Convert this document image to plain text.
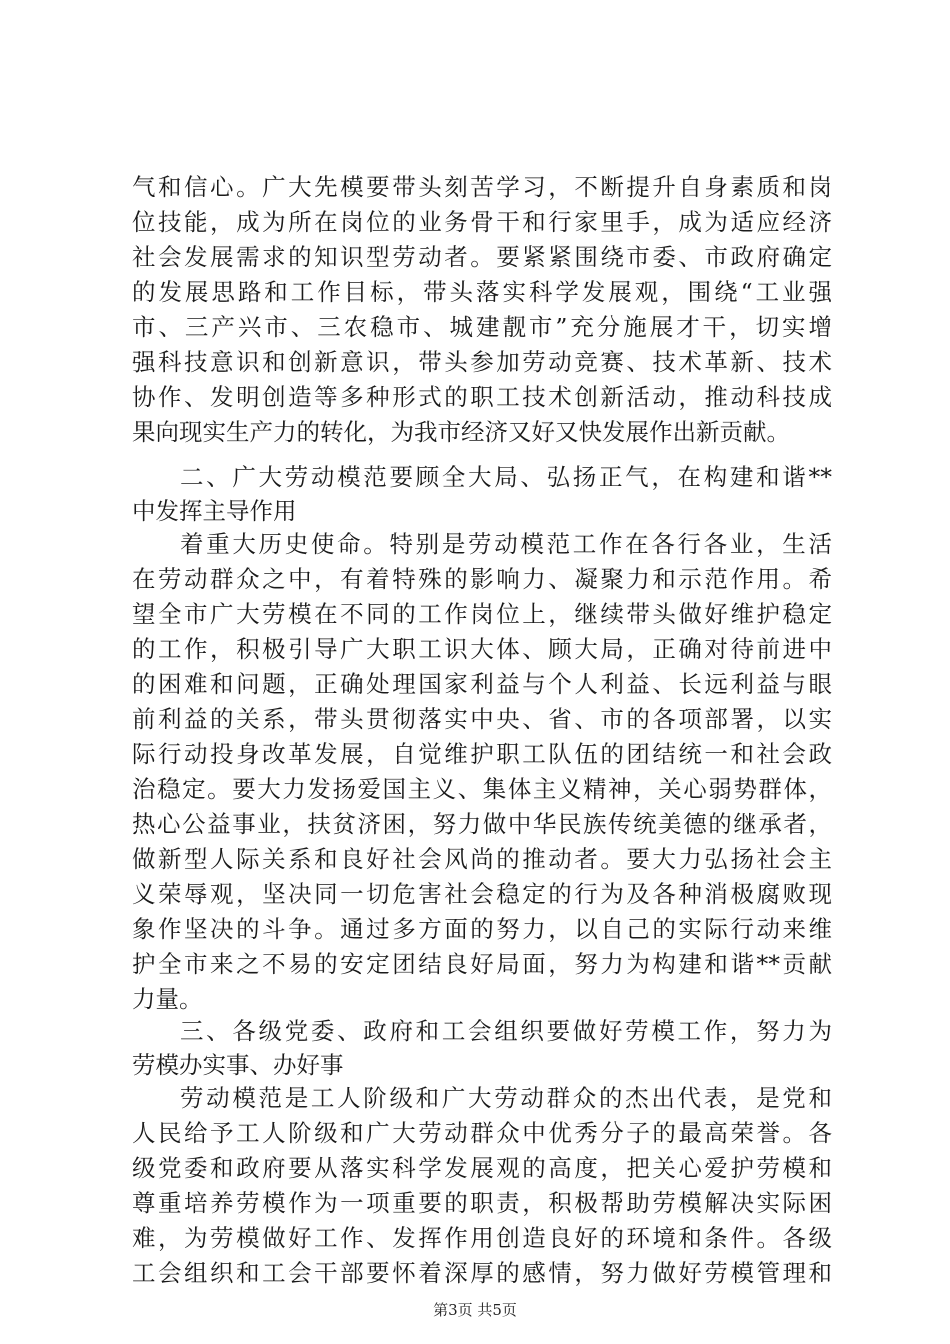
气和信心。广大先模要带头刻苦学习，不断提升自身素质和岗
位技能，成为所在岗位的业务骨干和行家里手，成为适应经济
社会发展需求的知识型劳动者。要紧紧围绕市委、市政府确定
的发展思路和工作目标，带头落实科学发展观，围绕“工业强
市、三产兴市、三农稳市、城建靓市”充分施展才干，切实增
强科技意识和创新意识，带头参加劳动竞赛、技术革新、技术
协作、发明创造等多种形式的职工技术创新活动，推动科技成
果向现实生产力的转化，为我市经济又好又快发展作出新贡献。
二、广大劳动模范要顾全大局、弘扬正气，在构建和谐**
中发挥主导作用
着重大历史使命。特别是劳动模范工作在各行各业，生活
在劳动群众之中，有着特殊的影响力、凝聚力和示范作用。希
望全市广大劳模在不同的工作岗位上，继续带头做好维护稳定
的工作，积极引导广大职工识大体、顾大局，正确对待前进中
的困难和问题，正确处理国家利益与个人利益、长远利益与眼
前利益的关系，带头贯彻落实中央、省、市的各项部署，以实
际行动投身改革发展，自觉维护职工队伍的团结统一和社会政
治稳定。要大力发扬爱国主义、集体主义精神，关心弱势群体，
热心公益事业，扶贫济困，努力做中华民族传统美德的继承者，
做新型人际关系和良好社会风尚的推动者。要大力弘扬社会主
义荣辱观，坚决同一切危害社会稳定的行为及各种消极腐败现
象作坚决的斗争。通过多方面的努力，以自己的实际行动来维
护全市来之不易的安定团结良好局面，努力为构建和谐**贡献
力量。
三、各级党委、政府和工会组织要做好劳模工作，努力为
劳模办实事、办好事
劳动模范是工人阶级和广大劳动群众的杰出代表，是党和
人民给予工人阶级和广大劳动群众中优秀分子的最高荣誉。各
级党委和政府要从落实科学发展观的高度，把关心爱护劳模和
尊重培养劳模作为一项重要的职责，积极帮助劳模解决实际困
难，为劳模做好工作、发挥作用创造良好的环境和条件。各级
工会组织和工会干部要怀着深厚的感情，努力做好劳模管理和
第3页 共5页
